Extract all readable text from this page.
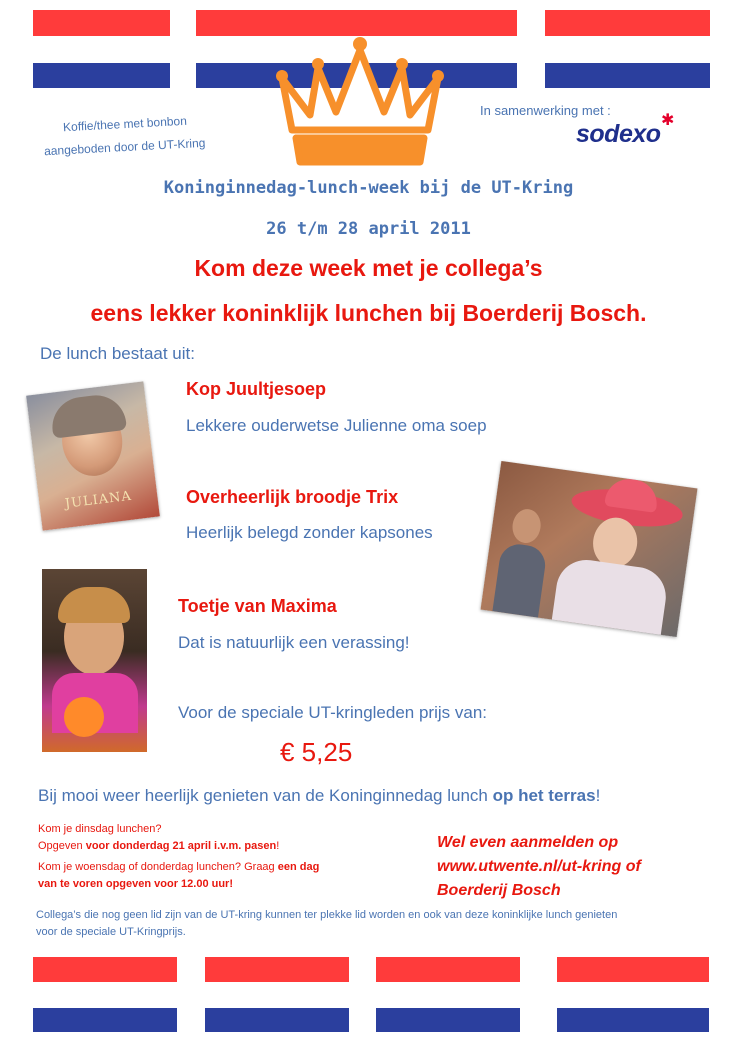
Koffie/thee met bonbon
aangeboden door de UT-Kring
In samenwerking met :
sodexo ✱
Koninginnedag-lunch-week bij de UT-Kring
26 t/m 28 april 2011
Kom deze week met je collega’s
eens lekker koninklijk lunchen bij Boerderij Bosch.
De lunch bestaat uit:
JULIANA
Kop Juultjesoep
Lekkere ouderwetse Julienne oma soep
Overheerlijk broodje Trix
Heerlijk belegd zonder kapsones
Toetje van Maxima
Dat is natuurlijk een verassing!
Voor de speciale UT-kringleden prijs van:
€ 5,25
Bij mooi weer heerlijk genieten van de Koninginnedag lunch op het terras!
Kom je dinsdag lunchen?
Opgeven voor donderdag 21 april i.v.m. pasen!
Kom je woensdag of donderdag lunchen? Graag een dag
van te voren opgeven voor 12.00 uur!
Wel even aanmelden op
www.utwente.nl/ut-kring of
Boerderij Bosch
Collega’s die nog geen lid zijn van de UT-kring kunnen ter plekke lid worden en ook van deze koninklijke lunch genieten
voor de speciale UT-Kringprijs.
